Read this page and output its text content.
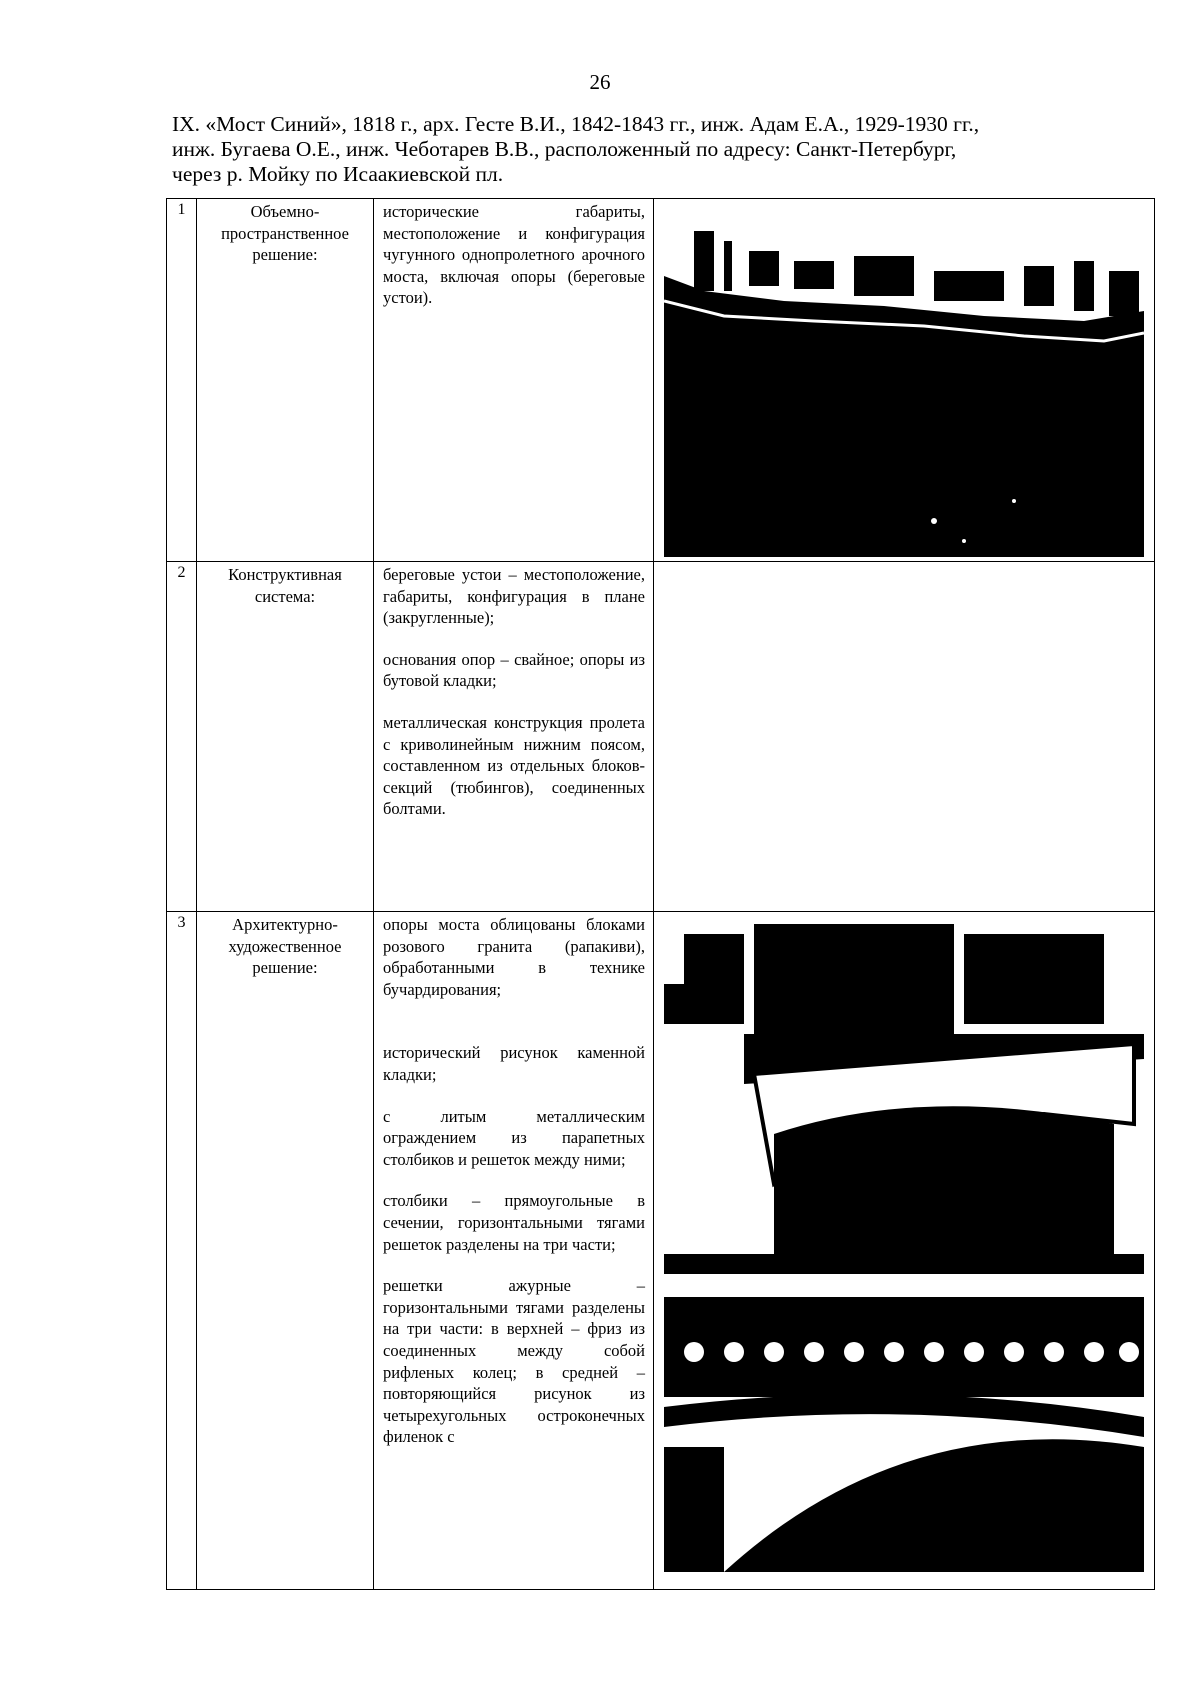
26
IX. «Мост Синий», 1818 г., арх. Гесте В.И., 1842-1843 гг., инж. Адам Е.А., 1929-1930 гг.,
инж. Бугаева О.Е., инж. Чеботарев В.В., расположенный по адресу: Санкт-Петербург,
через р. Мойку по Исаакиевской пл.
1	Объемно-пространственное решение:	исторические габариты, местоположение и конфигурация чугунного однопролетного арочного моста, включая опоры (береговые устои).

2	Конструктивная система:	береговые устои – местоположение, габариты, конфигурация в плане (закругленные);
основания опор – свайное; опоры из бутовой кладки;
металлическая конструкция пролета с криволинейным нижним поясом, составленном из отдельных блоков-секций (тюбингов), соединенных болтами.	

3	Архитектурно-художественное решение:	опоры моста облицованы блоками розового гранита (рапакиви), обработанными в технике бучардирования;
исторический рисунок каменной кладки;
с литым металлическим ограждением из парапетных столбиков и решеток между ними;
столбики – прямоугольные в сечении, горизонтальными тягами решеток разделены на три части;
решетки ажурные – горизонтальными тягами разделены на три части: в верхней – фриз из соединенных между собой рифленых колец; в средней – повторяющийся рисунок из четырехугольных остроконечных филенок с
